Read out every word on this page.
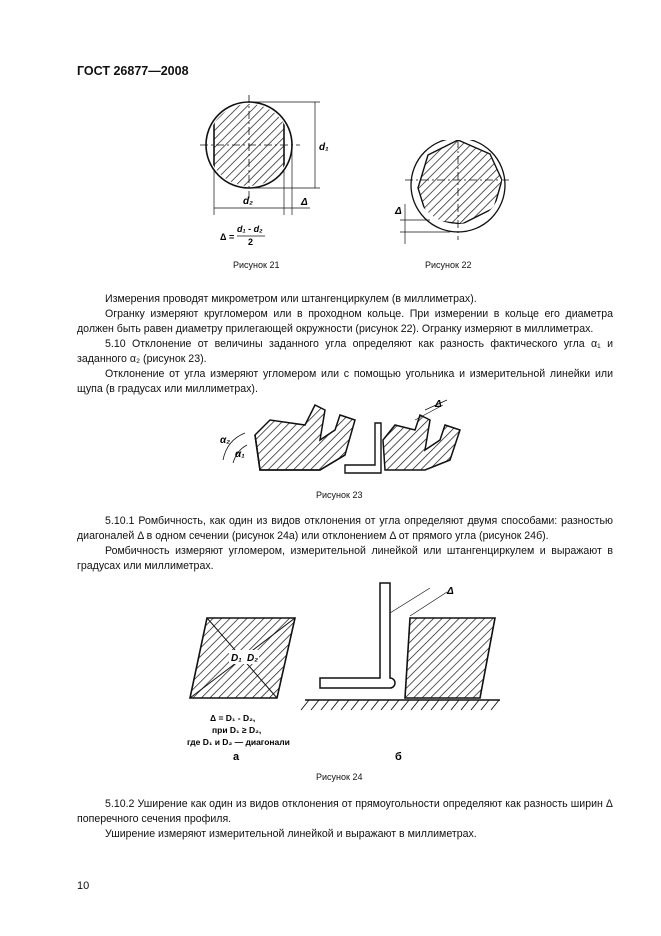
ГОСТ 26877—2008
d₁
d₂	Δ
Δ =
d₁ - d₂
2
Рисунок 21
Δ
Рисунок 22

Измерения проводят микрометром или штангенциркулем (в миллиметрах).

Огранку измеряют кругломером или в проходном кольце. При измерении в кольце его диаметра должен быть равен диаметру прилегающей окружности (рисунок 22). Огранку измеряют в миллиметрах.

5.10 Отклонение от величины заданного угла определяют как разность фактического угла α₁ и заданного α₂ (рисунок 23).

Отклонение от угла измеряют угломером или с помощью угольника и измерительной линейки или щупа (в градусах или миллиметрах).

α₂
α₁
Δ
Рисунок 23

5.10.1 Ромбичность, как один из видов отклонения от угла определяют двумя способами: разностью диагоналей Δ в одном сечении (рисунок 24а) или отклонением Δ от прямого угла (рисунок 24б).

Ромбичность измеряют угломером, измерительной линейкой или штангенциркулем и выражают в градусах или миллиметрах.

D₁ D₂
Δ = D₁ - D₂,
при D₁ ≥ D₂,
где D₁ и D₂ — диагонали
а
Δ
б
Рисунок 24

5.10.2 Уширение как один из видов отклонения от прямоугольности определяют как разность ширин Δ поперечного сечения профиля.

Уширение измеряют измерительной линейкой и выражают в миллиметрах.

10
